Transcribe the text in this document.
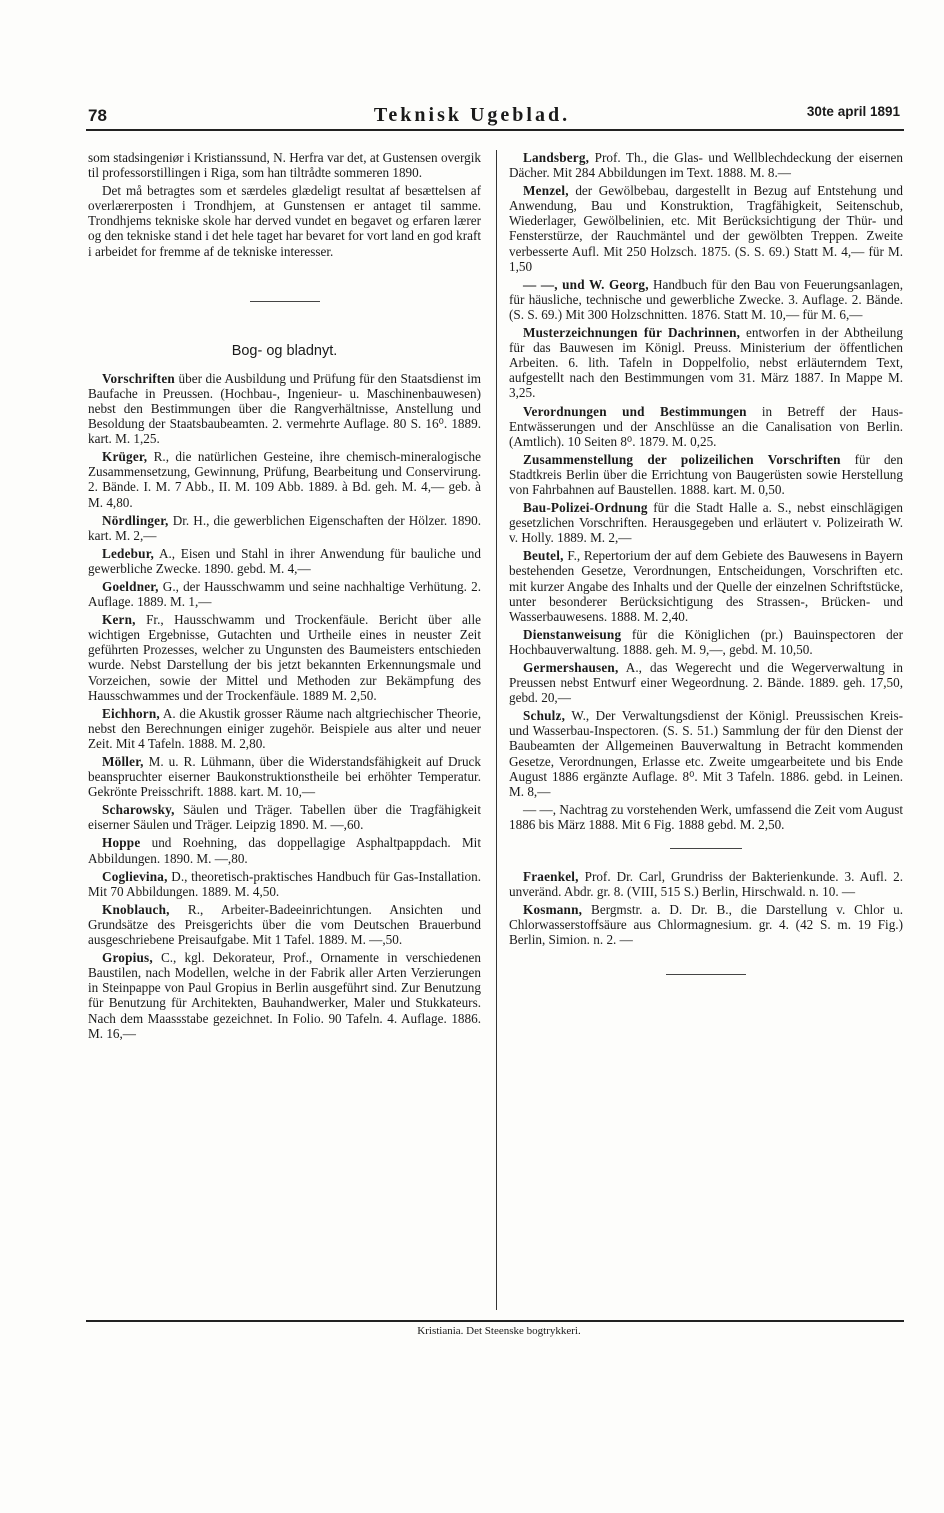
78	Teknisk Ugeblad.	30te april 1891

som stadsingeniør i Kristianssund, N. Herfra var det, at Gustensen overgik til professorstillingen i Riga, som han tiltrådte sommeren 1890.

Det må betragtes som et særdeles glædeligt resultat af besættelsen af overlærerposten i Trondhjem, at Gunstensen er antaget til samme. Trondhjems tekniske skole har derved vundet en begavet og erfaren lærer og den tekniske stand i det hele taget har bevaret for vort land en god kraft i arbeidet for fremme af de tekniske interesser.

Bog- og bladnyt.

Vorschriften über die Ausbildung und Prüfung für den Staatsdienst im Baufache in Preussen. (Hochbau-, Ingenieur- u. Maschinenbauwesen) nebst den Bestimmungen über die Rangverhältnisse, Anstellung und Besoldung der Staatsbaubeamten. 2. vermehrte Auflage. 80 S. 16⁰. 1889. kart. M. 1,25.

Krüger, R., die natürlichen Gesteine, ihre chemisch-mineralogische Zusammensetzung, Gewinnung, Prüfung, Bearbeitung und Conservirung. 2. Bände. I. M. 7 Abb., II. M. 109 Abb. 1889. à Bd. geh. M. 4,— geb. à M. 4,80.

Nördlinger, Dr. H., die gewerblichen Eigenschaften der Hölzer. 1890. kart. M. 2,—

Ledebur, A., Eisen und Stahl in ihrer Anwendung für bauliche und gewerbliche Zwecke. 1890. gebd. M. 4,—

Goeldner, G., der Hausschwamm und seine nachhaltige Verhütung. 2. Auflage. 1889. M. 1,—

Kern, Fr., Hausschwamm und Trockenfäule. Bericht über alle wichtigen Ergebnisse, Gutachten und Urtheile eines in neuster Zeit geführten Prozesses, welcher zu Ungunsten des Baumeisters entschieden wurde. Nebst Darstellung der bis jetzt bekannten Erkennungsmale und Vorzeichen, sowie der Mittel und Methoden zur Bekämpfung des Hausschwammes und der Trockenfäule. 1889 M. 2,50.

Eichhorn, A. die Akustik grosser Räume nach altgriechischer Theorie, nebst den Berechnungen einiger zugehör. Beispiele aus alter und neuer Zeit. Mit 4 Tafeln. 1888. M. 2,80.

Möller, M. u. R. Lühmann, über die Widerstandsfähigkeit auf Druck beanspruchter eiserner Baukonstruktionstheile bei erhöhter Temperatur. Gekrönte Preisschrift. 1888. kart. M. 10,—

Scharowsky, Säulen und Träger. Tabellen über die Tragfähigkeit eiserner Säulen und Träger. Leipzig 1890. M. —,60.

Hoppe und Roehning, das doppellagige Asphaltpappdach. Mit Abbildungen. 1890. M. —,80.

Coglievina, D., theoretisch-praktisches Handbuch für Gas-Installation. Mit 70 Abbildungen. 1889. M. 4,50.

Knoblauch, R., Arbeiter-Badeeinrichtungen. Ansichten und Grundsätze des Preisgerichts über die vom Deutschen Brauerbund ausgeschriebene Preisaufgabe. Mit 1 Tafel. 1889. M. —,50.

Gropius, C., kgl. Dekorateur, Prof., Ornamente in verschiedenen Baustilen, nach Modellen, welche in der Fabrik aller Arten Verzierungen in Steinpappe von Paul Gropius in Berlin ausgeführt sind. Zur Benutzung für Benutzung für Architekten, Bauhandwerker, Maler und Stukkateurs. Nach dem Maassstabe gezeichnet. In Folio. 90 Tafeln. 4. Auflage. 1886. M. 16,—

Landsberg, Prof. Th., die Glas- und Wellblechdeckung der eisernen Dächer. Mit 284 Abbildungen im Text. 1888. M. 8.—

Menzel, der Gewölbebau, dargestellt in Bezug auf Entstehung und Anwendung, Bau und Konstruktion, Tragfähigkeit, Seitenschub, Wiederlager, Gewölbelinien, etc. Mit Berücksichtigung der Thür- und Fensterstürze, der Rauchmäntel und der gewölbten Treppen. Zweite verbesserte Aufl. Mit 250 Holzsch. 1875. (S. S. 69.) Statt M. 4,— für M. 1,50

— —, und W. Georg, Handbuch für den Bau von Feuerungsanlagen, für häusliche, technische und gewerbliche Zwecke. 3. Auflage. 2. Bände. (S. S. 69.) Mit 300 Holzschnitten. 1876. Statt M. 10,— für M. 6,—

Musterzeichnungen für Dachrinnen, entworfen in der Abtheilung für das Bauwesen im Königl. Preuss. Ministerium der öffentlichen Arbeiten. 6. lith. Tafeln in Doppelfolio, nebst erläuterndem Text, aufgestellt nach den Bestimmungen vom 31. März 1887. In Mappe M. 3,25.

Verordnungen und Bestimmungen in Betreff der Haus-Entwässerungen und der Anschlüsse an die Canalisation von Berlin. (Amtlich). 10 Seiten 8⁰. 1879. M. 0,25.

Zusammenstellung der polizeilichen Vorschriften für den Stadtkreis Berlin über die Errichtung von Baugerüsten sowie Herstellung von Fahrbahnen auf Baustellen. 1888. kart. M. 0,50.

Bau-Polizei-Ordnung für die Stadt Halle a. S., nebst einschlägigen gesetzlichen Vorschriften. Herausgegeben und erläutert v. Polizeirath W. v. Holly. 1889. M. 2,—

Beutel, F., Repertorium der auf dem Gebiete des Bauwesens in Bayern bestehenden Gesetze, Verordnungen, Entscheidungen, Vorschriften etc. mit kurzer Angabe des Inhalts und der Quelle der einzelnen Schriftstücke, unter besonderer Berücksichtigung des Strassen-, Brücken- und Wasserbauwesens. 1888. M. 2,40.

Dienstanweisung für die Königlichen (pr.) Bauinspectoren der Hochbauverwaltung. 1888. geh. M. 9,—, gebd. M. 10,50.

Germershausen, A., das Wegerecht und die Wegerverwaltung in Preussen nebst Entwurf einer Wegeordnung. 2. Bände. 1889. geh. 17,50, gebd. 20,—

Schulz, W., Der Verwaltungsdienst der Königl. Preussischen Kreis- und Wasserbau-Inspectoren. (S. S. 51.) Sammlung der für den Dienst der Baubeamten der Allgemeinen Bauverwaltung in Betracht kommenden Gesetze, Verordnungen, Erlasse etc. Zweite umgearbeitete und bis Ende August 1886 ergänzte Auflage. 8⁰. Mit 3 Tafeln. 1886. gebd. in Leinen. M. 8,—

— —, Nachtrag zu vorstehenden Werk, umfassend die Zeit vom August 1886 bis März 1888. Mit 6 Fig. 1888 gebd. M. 2,50.

Fraenkel, Prof. Dr. Carl, Grundriss der Bakterienkunde. 3. Aufl. 2. unveränd. Abdr. gr. 8. (VIII, 515 S.) Berlin, Hirschwald. n. 10. —

Kosmann, Bergmstr. a. D. Dr. B., die Darstellung v. Chlor u. Chlorwasserstoffsäure aus Chlormagnesium. gr. 4. (42 S. m. 19 Fig.) Berlin, Simion. n. 2. —

Kristiania. Det Steenske bogtrykkeri.
